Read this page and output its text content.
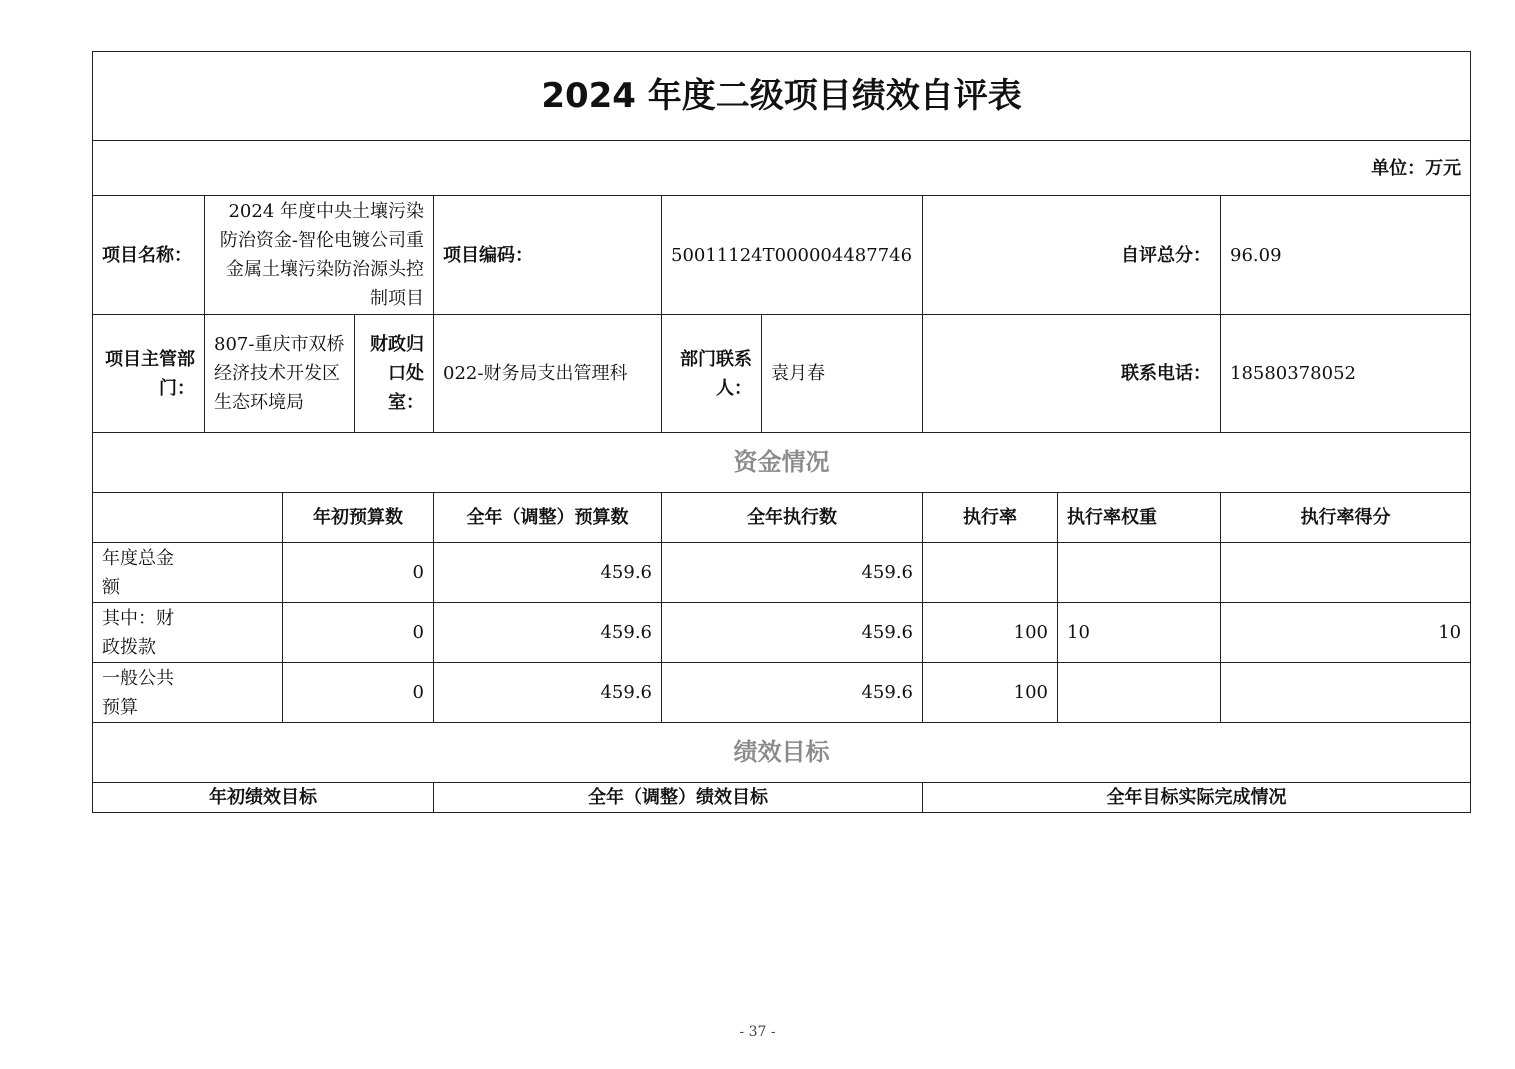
2024 年度二级项目绩效自评表									
单位：万元									
项目名称：	2024 年度中央土壤污染防治资金-智伦电镀公司重金属土壤污染防治源头控制项目			项目编码：	50011124T000004487746		自评总分：		96.09
项目主管部门：	807-重庆市双桥经济技术开发区生态环境局		财政归口处室：	022-财务局支出管理科	部门联系人：	袁月春	联系电话：		18580378052
资金情况									
		年初预算数		全年（调整）预算数	全年执行数		执行率	执行率权重	执行率得分
年度总金额		0		459.6	459.6				
其中：财政拨款		0		459.6	459.6		100	10	10
一般公共预算		0		459.6	459.6		100		
绩效目标									
年初绩效目标				全年（调整）绩效目标			全年目标实际完成情况		
- 37 -
